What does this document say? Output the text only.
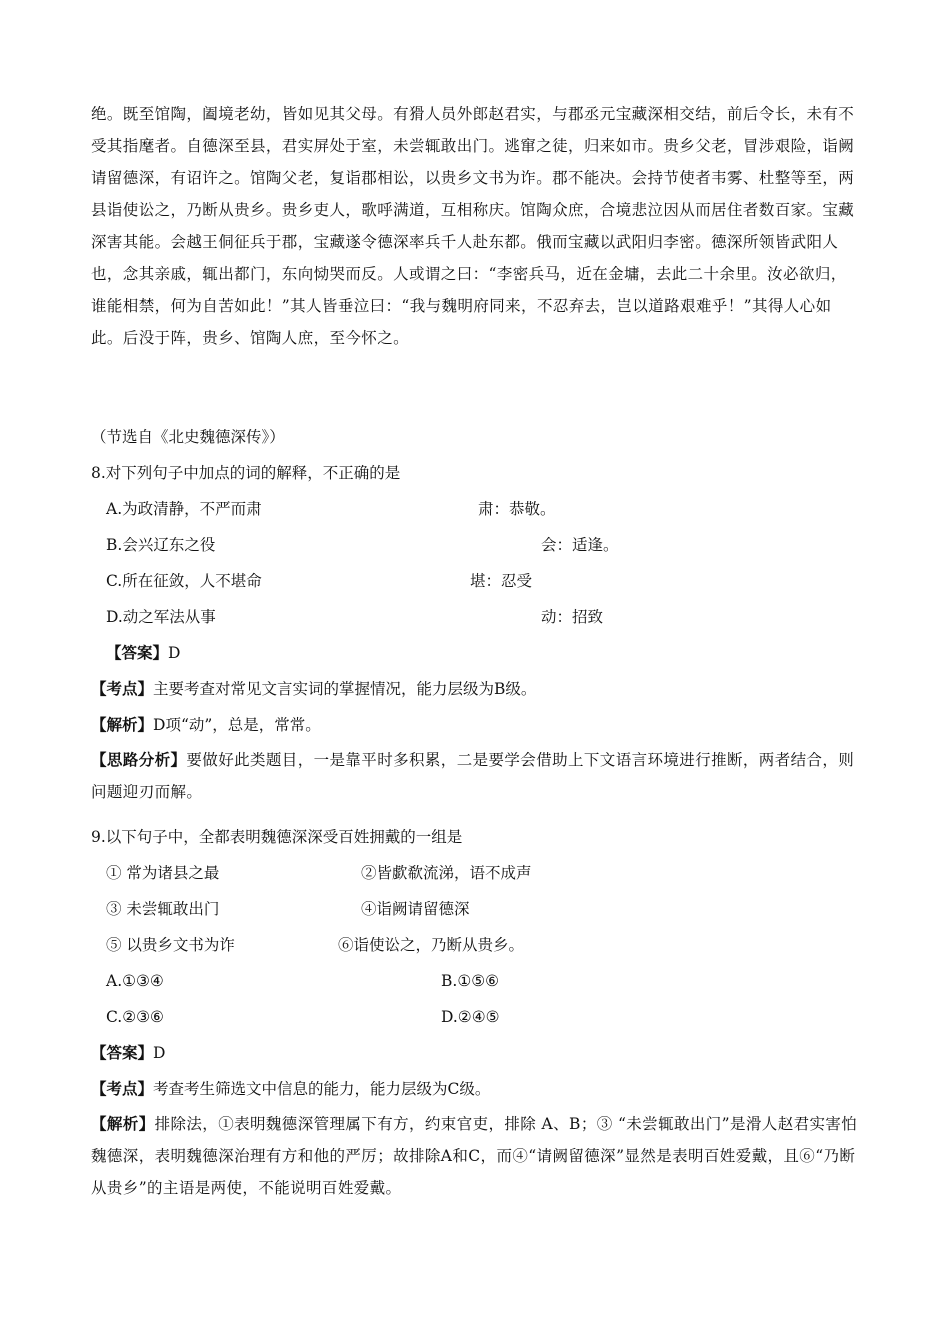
绝。既至馆陶，阖境老幼，皆如见其父母。有猾人员外郎赵君实，与郡丞元宝藏深相交结，前后令长，未有不受其指麾者。自德深至县，君实屏处于室，未尝辄敢出门。逃窜之徒，归来如市。贵乡父老，冒涉艰险，诣阙请留德深，有诏许之。馆陶父老，复诣郡相讼，以贵乡文书为诈。郡不能决。会持节使者韦雾、杜整等至，两县诣使讼之，乃断从贵乡。贵乡吏人，歌呼满道，互相称庆。馆陶众庶，合境悲泣因从而居住者数百家。宝藏深害其能。会越王侗征兵于郡，宝藏遂令德深率兵千人赴东都。俄而宝藏以武阳归李密。德深所领皆武阳人也，念其亲戚，辄出都门，东向恸哭而反。人或谓之曰：“李密兵马，近在金墉，去此二十余里。汝必欲归，谁能相禁，何为自苦如此！”其人皆垂泣曰：“我与魏明府同来，不忍弃去，岂以道路艰难乎！”其得人心如此。后没于阵，贵乡、馆陶人庶，至今怀之。

（节选自《北史魏德深传》）

8.对下列句子中加点的词的解释，不正确的是

A.为政清静，不严而肃	肃：恭敬。

B.会兴辽东之役	会：适逢。

C.所在征敛，人不堪命	堪：忍受

D.动之军法从事	动：招致

【答案】D

【考点】主要考查对常见文言实词的掌握情况，能力层级为B级。

【解析】D项“动”，总是，常常。

【思路分析】要做好此类题目，一是靠平时多积累，二是要学会借助上下文语言环境进行推断，两者结合，则问题迎刃而解。

9.以下句子中，全都表明魏德深深受百姓拥戴的一组是

① 常为诸县之最	②皆歔欷流涕，语不成声

③ 未尝辄敢出门	④诣阙请留德深

⑤ 以贵乡文书为诈	⑥诣使讼之，乃断从贵乡。

A.①③④	B.①⑤⑥

C.②③⑥	D.②④⑤

【答案】D

【考点】考查考生筛选文中信息的能力，能力层级为C级。

【解析】排除法，①表明魏德深管理属下有方，约束官吏，排除 A、B；③ “未尝辄敢出门”是滑人赵君实害怕魏德深，表明魏德深治理有方和他的严厉；故排除A和C，而④“请阙留德深”显然是表明百姓爱戴，且⑥“乃断从贵乡”的主语是两使，不能说明百姓爱戴。
